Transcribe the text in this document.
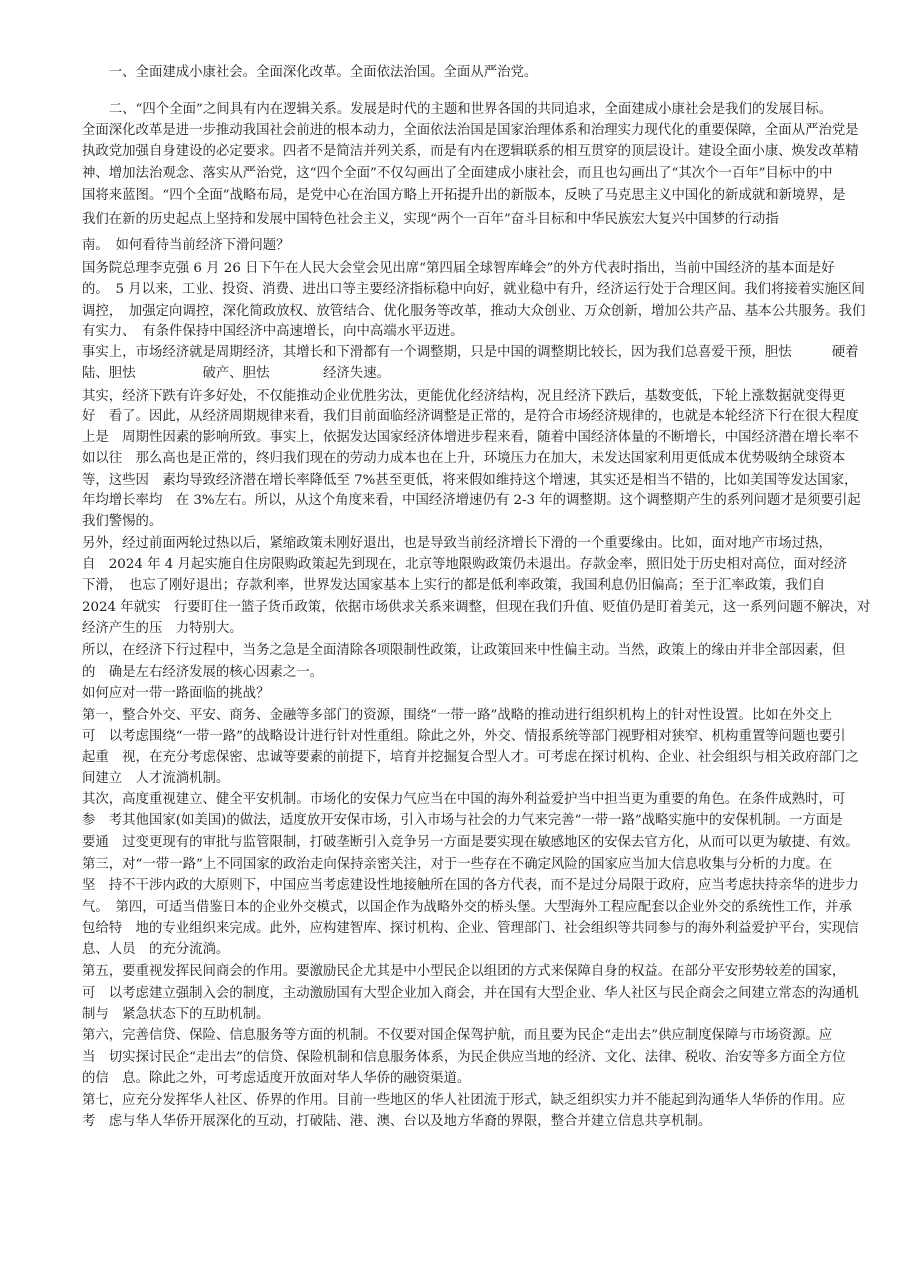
　　一、全面建成小康社会。全面深化改革。全面依法治国。全面从严治党。

　　二、“四个全面”之间具有内在逻辑关系。发展是时代的主题和世界各国的共同追求，全面建成小康社会是我们的发展目标。

全面深化改革是进一步推动我国社会前进的根本动力，全面依法治国是国家治理体系和治理实力现代化的重要保障，全面从严治党是

执政党加强自身建设的必定要求。四者不是简洁并列关系，而是有内在逻辑联系的相互贯穿的顶层设计。建设全面小康、焕发改革精

神、增加法治观念、落实从严治党，这“四个全面”不仅勾画出了全面建成小康社会，而且也勾画出了“其次个一百年”目标中的中

国将来蓝图。“四个全面”战略布局，是党中心在治国方略上开拓提升出的新版本，反映了马克思主义中国化的新成就和新境界，是

我们在新的历史起点上坚持和发展中国特色社会主义，实现“两个一百年”奋斗目标和中华民族宏大复兴中国梦的行动指

南。　如何看待当前经济下滑问题？

国务院总理李克强 6 月 26 日下午在人民大会堂会见出席“第四届全球智库峰会”的外方代表时指出，当前中国经济的基本面是好

的。　5 月以来，工业、投资、消费、进出口等主要经济指标稳中向好，就业稳中有升，经济运行处于合理区间。我们将接着实施区间

调控，　加强定向调控，深化简政放权、放管结合、优化服务等改革，推动大众创业、万众创新，增加公共产品、基本公共服务。我们

有实力、　有条件保持中国经济中高速增长，向中高端水平迈进。

事实上，市场经济就是周期经济，其增长和下滑都有一个调整期，只是中国的调整期比较长，因为我们总喜爱干预，胆怯　　　硬着

陆、胆怯　　　　　破产、胆怯　　　　经济失速。

其实，经济下跌有许多好处，不仅能推动企业优胜劣汰，更能优化经济结构，况且经济下跌后，基数变低，下轮上涨数据就变得更

好　看了。因此，从经济周期规律来看，我们目前面临经济调整是正常的，是符合市场经济规律的，也就是本轮经济下行在很大程度

上是　周期性因素的影响所致。事实上，依据发达国家经济体增进步程来看，随着中国经济体量的不断增长，中国经济潜在增长率不

如以往　那么高也是正常的，终归我们现在的劳动力成本也在上升，环境压力在加大，未发达国家利用更低成本优势吸纳全球资本

等，这些因　素均导致经济潜在增长率降低至 7%甚至更低，将来假如维持这个增速，其实还是相当不错的，比如美国等发达国家，

年均增长率均　在 3%左右。所以，从这个角度来看，中国经济增速仍有 2-3 年的调整期。这个调整期产生的系列问题才是须要引起

我们警惕的。

另外，经过前面两轮过热以后，紧缩政策未刚好退出，也是导致当前经济增长下滑的一个重要缘由。比如，面对地产市场过热，

自　2024 年 4 月起实施自住房限购政策起先到现在，北京等地限购政策仍未退出。存款金率，照旧处于历史相对高位，面对经济

下滑，　也忘了刚好退出；存款利率，世界发达国家基本上实行的都是低利率政策，我国利息仍旧偏高；至于汇率政策，我们自

2024 年就实　行要盯住一篮子货币政策，依据市场供求关系来调整，但现在我们升值、贬值仍是盯着美元，这一系列问题不解决，对

经济产生的压　力特别大。

所以，在经济下行过程中，当务之急是全面清除各项限制性政策，让政策回来中性偏主动。当然，政策上的缘由并非全部因素，但

的　确是左右经济发展的核心因素之一。

如何应对一带一路面临的挑战？

第一，整合外交、平安、商务、金融等多部门的资源，围绕“一带一路”战略的推动进行组织机构上的针对性设置。比如在外交上

可　以考虑围绕“一带一路”的战略设计进行针对性重组。除此之外，外交、情报系统等部门视野相对狭窄、机构重置等问题也要引

起重　视，在充分考虑保密、忠诚等要素的前提下，培育并挖掘复合型人才。可考虑在探讨机构、企业、社会组织与相关政府部门之

间建立　人才流淌机制。

其次，高度重视建立、健全平安机制。市场化的安保力气应当在中国的海外利益爱护当中担当更为重要的角色。在条件成熟时，可

参　考其他国家(如美国)的做法，适度放开安保市场，引入市场与社会的力气来完善“一带一路”战略实施中的安保机制。一方面是

要通　过变更现有的审批与监管限制，打破垄断引入竞争另一方面是要实现在敏感地区的安保去官方化，从而可以更为敏捷、有效。

第三，对“一带一路”上不同国家的政治走向保持亲密关注，对于一些存在不确定风险的国家应当加大信息收集与分析的力度。在

坚　持不干涉内政的大原则下，中国应当考虑建设性地接触所在国的各方代表，而不是过分局限于政府，应当考虑扶持亲华的进步力

气。　第四，可适当借鉴日本的企业外交模式，以国企作为战略外交的桥头堡。大型海外工程应配套以企业外交的系统性工作，并承

包给特　地的专业组织来完成。此外，应构建智库、探讨机构、企业、管理部门、社会组织等共同参与的海外利益爱护平台，实现信

息、人员　的充分流淌。

第五，要重视发挥民间商会的作用。要激励民企尤其是中小型民企以组团的方式来保障自身的权益。在部分平安形势较差的国家，

可　以考虑建立强制入会的制度，主动激励国有大型企业加入商会，并在国有大型企业、华人社区与民企商会之间建立常态的沟通机

制与　紧急状态下的互助机制。

第六，完善信贷、保险、信息服务等方面的机制。不仅要对国企保驾护航，而且要为民企“走出去”供应制度保障与市场资源。应

当　切实探讨民企“走出去”的信贷、保险机制和信息服务体系，为民企供应当地的经济、文化、法律、税收、治安等多方面全方位

的信　息。除此之外，可考虑适度开放面对华人华侨的融资渠道。

第七，应充分发挥华人社区、侨界的作用。目前一些地区的华人社团流于形式，缺乏组织实力并不能起到沟通华人华侨的作用。应

考　虑与华人华侨开展深化的互动，打破陆、港、澳、台以及地方华裔的界限，整合并建立信息共享机制。
